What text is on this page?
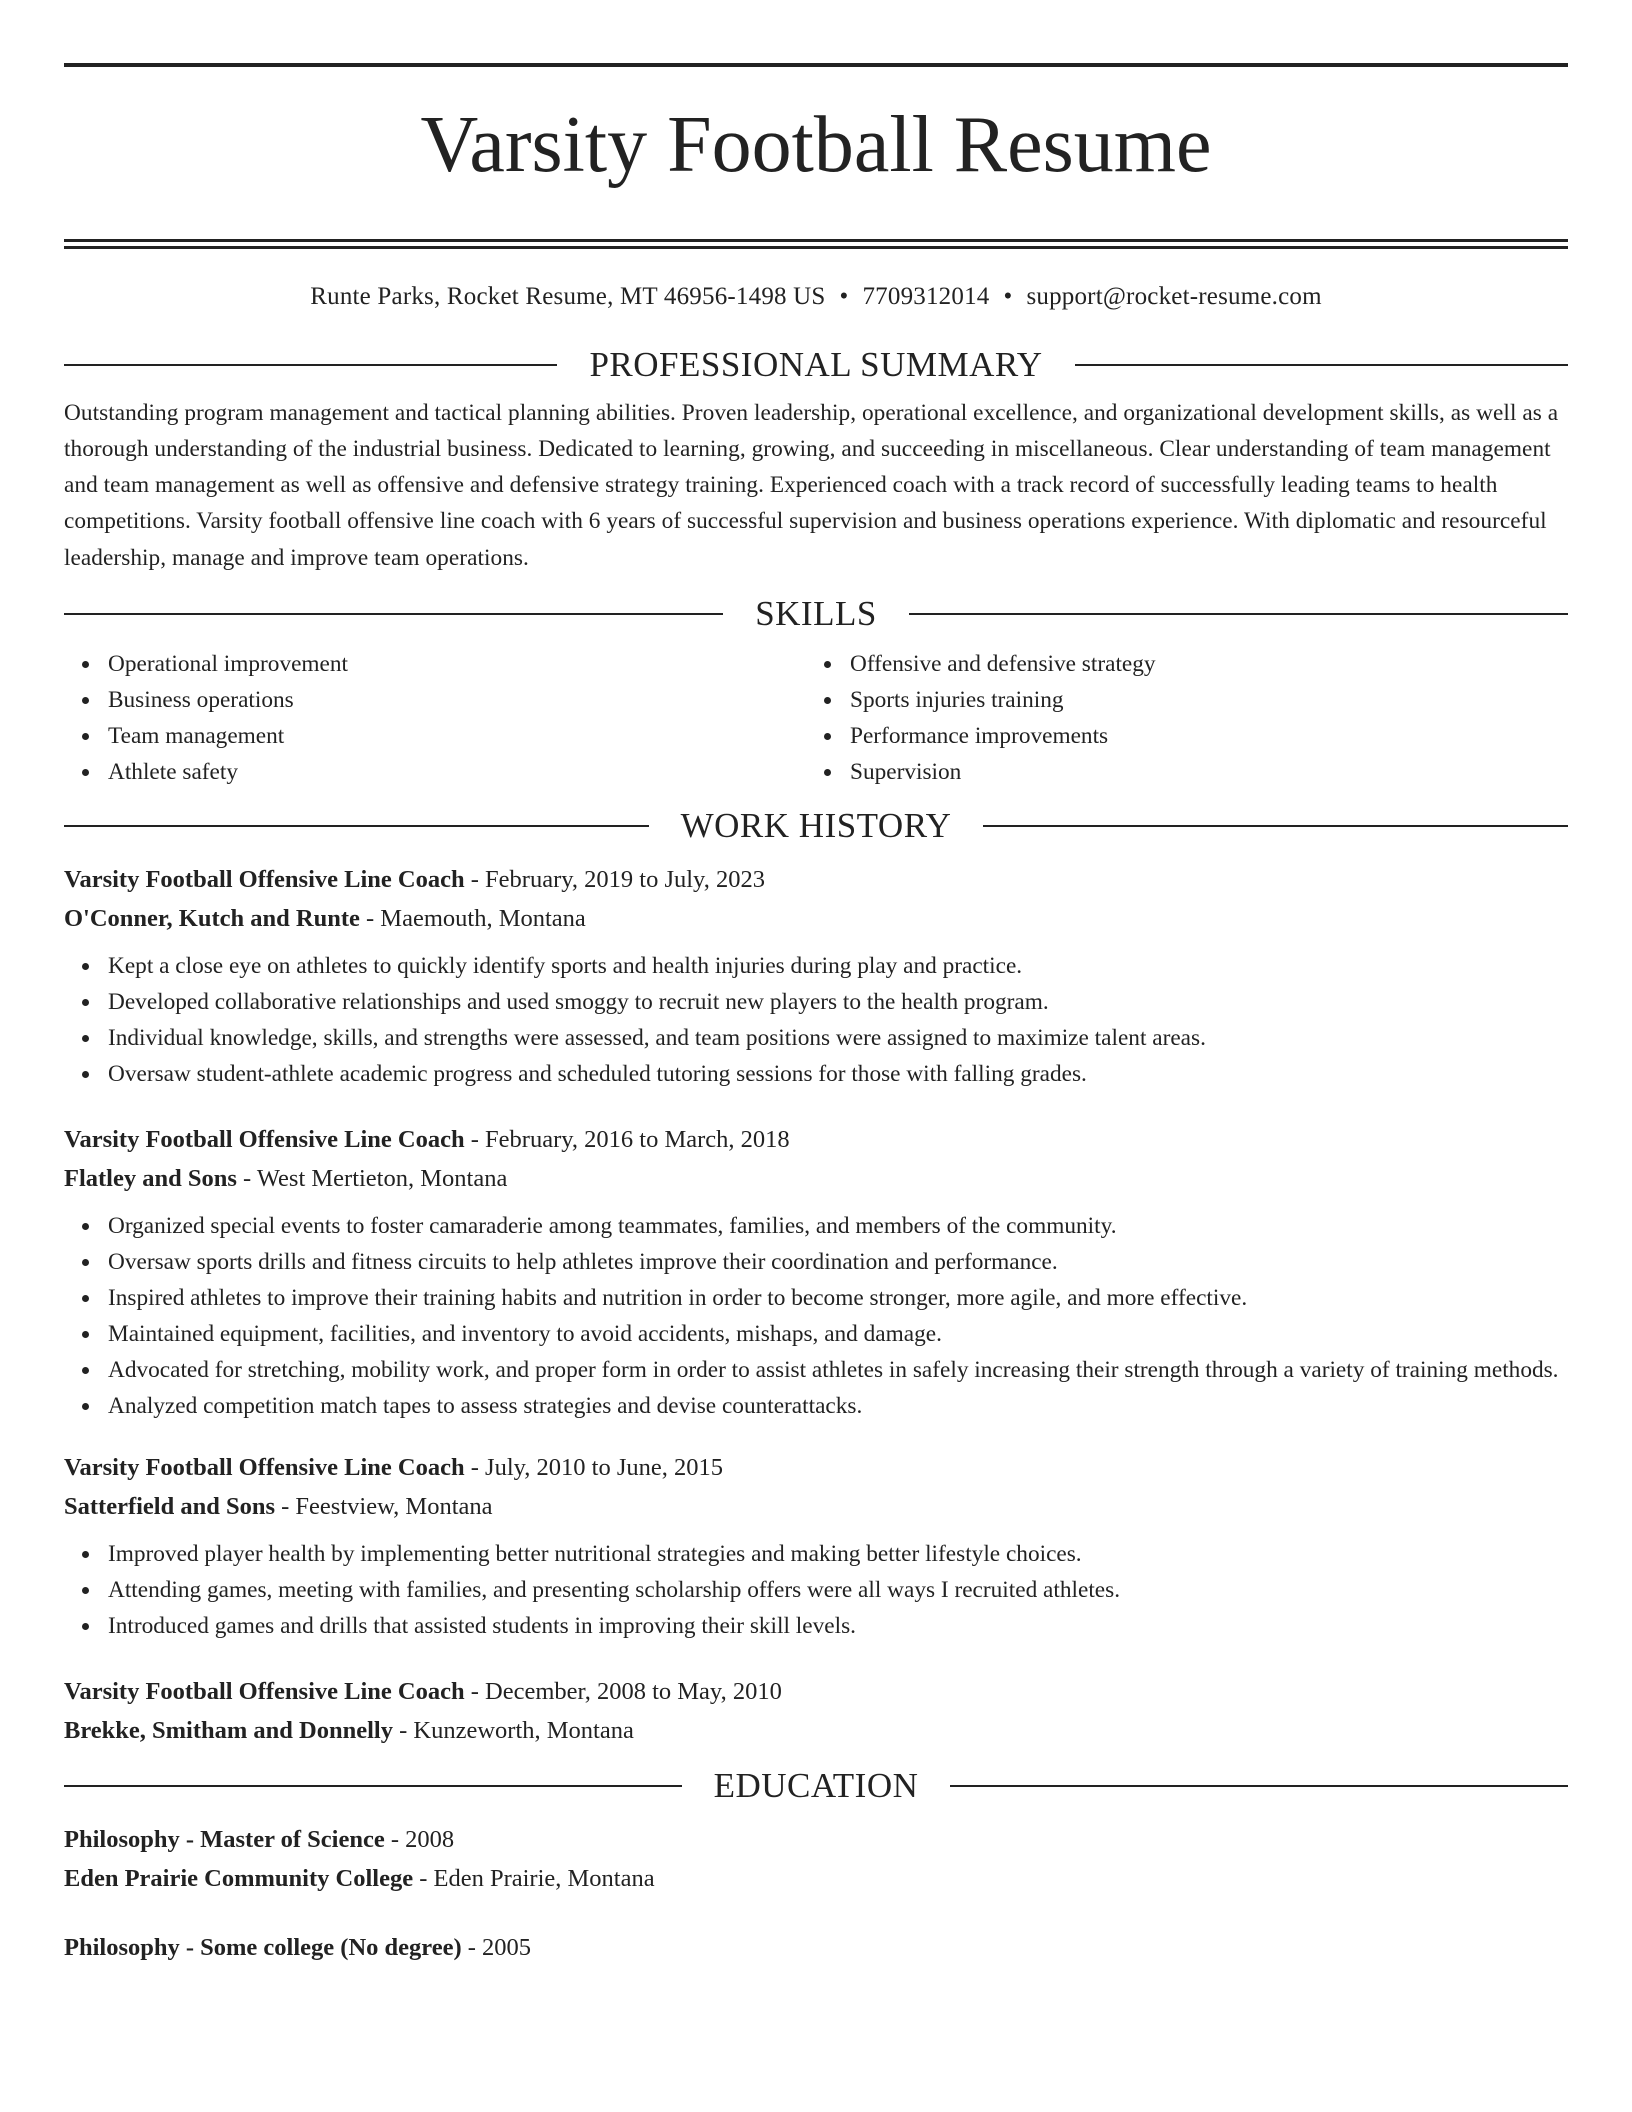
Varsity Football Resume
Runte Parks, Rocket Resume, MT 46956-1498 US • 7709312014 • support@rocket-resume.com
PROFESSIONAL SUMMARY
Outstanding program management and tactical planning abilities. Proven leadership, operational excellence, and organizational development skills, as well as a thorough understanding of the industrial business. Dedicated to learning, growing, and succeeding in miscellaneous. Clear understanding of team management and team management as well as offensive and defensive strategy training. Experienced coach with a track record of successfully leading teams to health competitions. Varsity football offensive line coach with 6 years of successful supervision and business operations experience. With diplomatic and resourceful leadership, manage and improve team operations.
SKILLS
Operational improvement
Business operations
Team management
Athlete safety
Offensive and defensive strategy
Sports injuries training
Performance improvements
Supervision
WORK HISTORY
Varsity Football Offensive Line Coach - February, 2019 to July, 2023
O'Conner, Kutch and Runte - Maemouth, Montana
Kept a close eye on athletes to quickly identify sports and health injuries during play and practice.
Developed collaborative relationships and used smoggy to recruit new players to the health program.
Individual knowledge, skills, and strengths were assessed, and team positions were assigned to maximize talent areas.
Oversaw student-athlete academic progress and scheduled tutoring sessions for those with falling grades.
Varsity Football Offensive Line Coach - February, 2016 to March, 2018
Flatley and Sons - West Mertieton, Montana
Organized special events to foster camaraderie among teammates, families, and members of the community.
Oversaw sports drills and fitness circuits to help athletes improve their coordination and performance.
Inspired athletes to improve their training habits and nutrition in order to become stronger, more agile, and more effective.
Maintained equipment, facilities, and inventory to avoid accidents, mishaps, and damage.
Advocated for stretching, mobility work, and proper form in order to assist athletes in safely increasing their strength through a variety of training methods.
Analyzed competition match tapes to assess strategies and devise counterattacks.
Varsity Football Offensive Line Coach - July, 2010 to June, 2015
Satterfield and Sons - Feestview, Montana
Improved player health by implementing better nutritional strategies and making better lifestyle choices.
Attending games, meeting with families, and presenting scholarship offers were all ways I recruited athletes.
Introduced games and drills that assisted students in improving their skill levels.
Varsity Football Offensive Line Coach - December, 2008 to May, 2010
Brekke, Smitham and Donnelly - Kunzeworth, Montana
EDUCATION
Philosophy - Master of Science - 2008
Eden Prairie Community College - Eden Prairie, Montana
Philosophy - Some college (No degree) - 2005
